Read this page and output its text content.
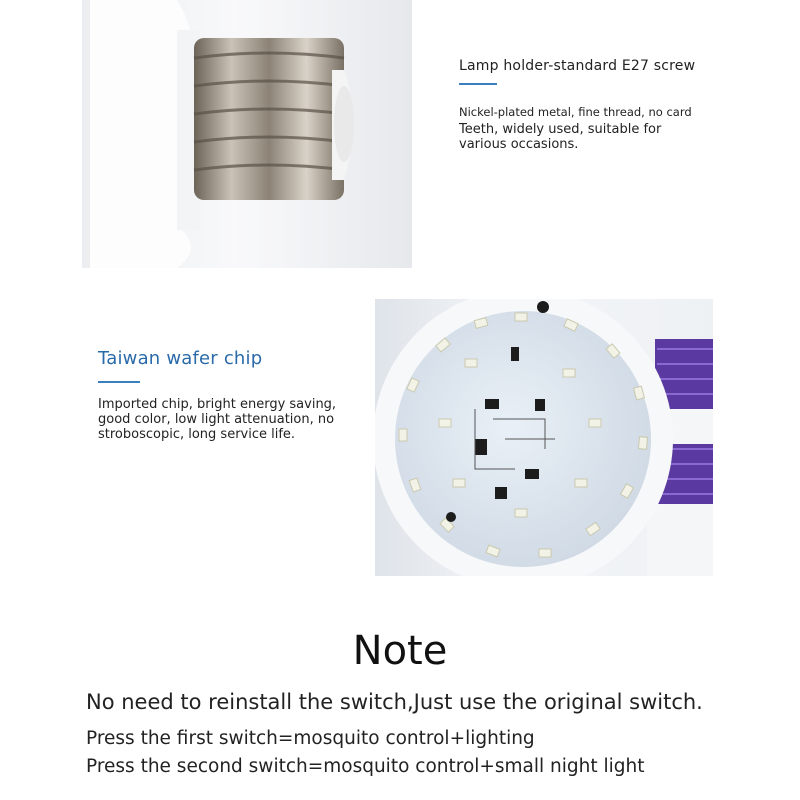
Lamp holder-standard E27 screw
Nickel-plated metal, fine thread, no card
Teeth, widely used, suitable for
various occasions.
Taiwan wafer chip
Imported chip, bright energy saving,
good color, low light attenuation, no
stroboscopic, long service life.
Note
No need to reinstall the switch,Just use the original switch.
Press the first switch=mosquito control+lighting
Press the second switch=mosquito control+small night light
